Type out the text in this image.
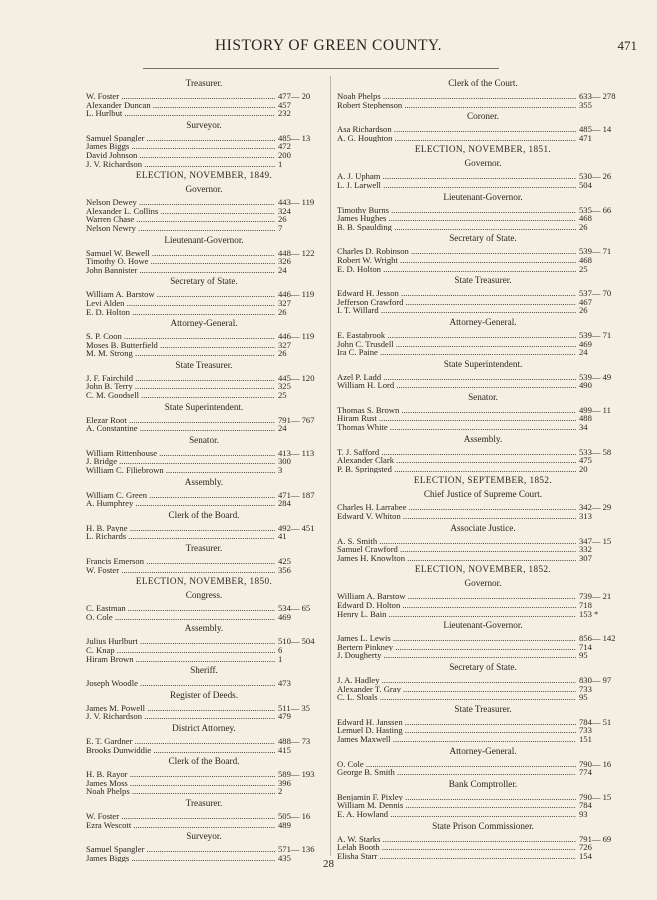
HISTORY OF GREEN COUNTY.	471
Treasurer.
W. Foster .....	477— 20
Alexander Duncan .....	457
L. Hurlbut .....	232
Surveyor.
Samuel Spangler .....	485— 13
James Biggs .....	472
David Johnson .....	200
J. V. Richardson .....	1
ELECTION, NOVEMBER, 1849.
Governor.
Nelson Dewey .....	443— 119
Alexander L. Collins .....	324
Warren Chase .....	26
Nelson Newry .....	7
Lieutenant-Governor.
Samuel W. Bewell .....	448— 122
Timothy O. Howe .....	326
John Bannister .....	24
Secretary of State.
William A. Barstow .....	446— 119
Levi Alden .....	327
E. D. Holton .....	26
Attorney-General.
S. P. Coon .....	446— 119
Moses B. Butterfield .....	327
M. M. Strong .....	26
State Treasurer.
J. F. Fairchild .....	445— 120
John B. Terry .....	325
C. M. Goodsell .....	25
State Superintendent.
Elezar Root .....	791— 767
A. Constantine .....	24
Senator.
William Rittenhouse .....	413— 113
J. Bridge .....	300
William C. Filiebrown .....	3
Assembly.
William C. Green .....	471— 187
A. Humphrey .....	284
Clerk of the Board.
H. B. Payne .....	492— 451
L. Richards .....	41
Treasurer.
Francis Emerson .....	425
W. Foster .....	356
ELECTION, NOVEMBER, 1850.
Congress.
C. Eastman .....	534— 65
O. Cole .....	469
Assembly.
Julius Hurlburt .....	510— 504
C. Knap .....	6
Hiram Brown .....	1
Sheriff.
Joseph Woodle .....	473
Register of Deeds.
James M. Powell .....	511— 35
J. V. Richardson .....	479
District Attorney.
E. T. Gardner .....	488— 73
Brooks Dunwiddie .....	415
Clerk of the Board.
H. B. Rayor .....	589— 193
James Moss .....	396
Noah Phelps .....	2
Treasurer.
W. Foster .....	505— 16
Ezra Wescott .....	489
Surveyor.
Samuel Spangler .....	571— 136
James Biggs .....	435
Clerk of the Court.
Noah Phelps .....	633— 278
Robert Stephenson .....	355
Coroner.
Asa Richardson .....	485— 14
A. G. Houghton .....	471
ELECTION, NOVEMBER, 1851.
Governor.
A. J. Upham .....	530— 26
L. J. Larwell .....	504
Lieutenant-Governor.
Timothy Burns .....	535— 66
James Hughes .....	468
B. B. Spaulding .....	26
Secretary of State.
Charles D. Robinson .....	539— 71
Robert W. Wright .....	468
E. D. Holton .....	25
State Treasurer.
Edward H. Jesson .....	537— 70
Jefferson Crawford .....	467
I. T. Willard .....	26
Attorney-General.
E. Eastabrook .....	539— 71
John C. Trusdell .....	469
Ira C. Paine .....	24
State Superintendent.
Azel P. Ladd .....	539— 49
William H. Lord .....	490
Senator.
Thomas S. Brown .....	499— 11
Hiram Rust .....	488
Thomas White .....	34
Assembly.
T. J. Safford .....	533— 58
Alexander Clark .....	475
P. B. Springsted .....	20
ELECTION, SEPTEMBER, 1852.
Chief Justice of Supreme Court.
Charles H. Larrabee .....	342— 29
Edward V. Whiton .....	313
Associate Justice.
A. S. Smith .....	347— 15
Samuel Crawford .....	332
James H. Knowlton .....	307
ELECTION, NOVEMBER, 1852.
Governor.
William A. Barstow .....	739— 21
Edward D. Holton .....	718
Henry L. Bain .....	153 *
Lieutenant-Governor.
James L. Lewis .....	856— 142
Bertern Pinkney .....	714
J. Dougherty .....	95
Secretary of State.
J. A. Hadley .....	830— 97
Alexander T. Gray .....	733
C. L. Sloals .....	95
State Treasurer.
Edward H. Janssen .....	784— 51
Lemuel D. Hasting .....	733
James Maxwell .....	151
Attorney-General.
O. Cole .....	790— 16
George B. Smith .....	774
Bank Comptroller.
Benjamin F. Pixley .....	790— 15
William M. Dennis .....	784
E. A. Howland .....	93
State Prison Commissioner.
A. W. Starks .....	791— 69
Lelah Booth .....	726
Elisha Starr .....	154
28
